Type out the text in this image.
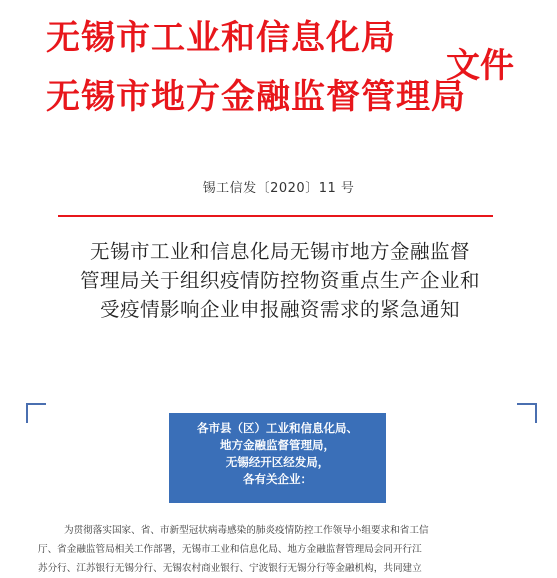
无锡市工业和信息化局
无锡市地方金融监督管理局
文件
锡工信发〔2020〕11 号
无锡市工业和信息化局无锡市地方金融监督
管理局关于组织疫情防控物资重点生产企业和
受疫情影响企业申报融资需求的紧急通知
各市县（区）工业和信息化局、
地方金融监督管理局，
无锡经开区经发局，
各有关企业：
为贯彻落实国家、省、市新型冠状病毒感染的肺炎疫情防控工作领导小组要求和省工信
厅、省金融监管局相关工作部署，无锡市工业和信息化局、地方金融监督管理局会同开行江
苏分行、江苏银行无锡分行、无锡农村商业银行、宁波银行无锡分行等金融机构，共同建立
